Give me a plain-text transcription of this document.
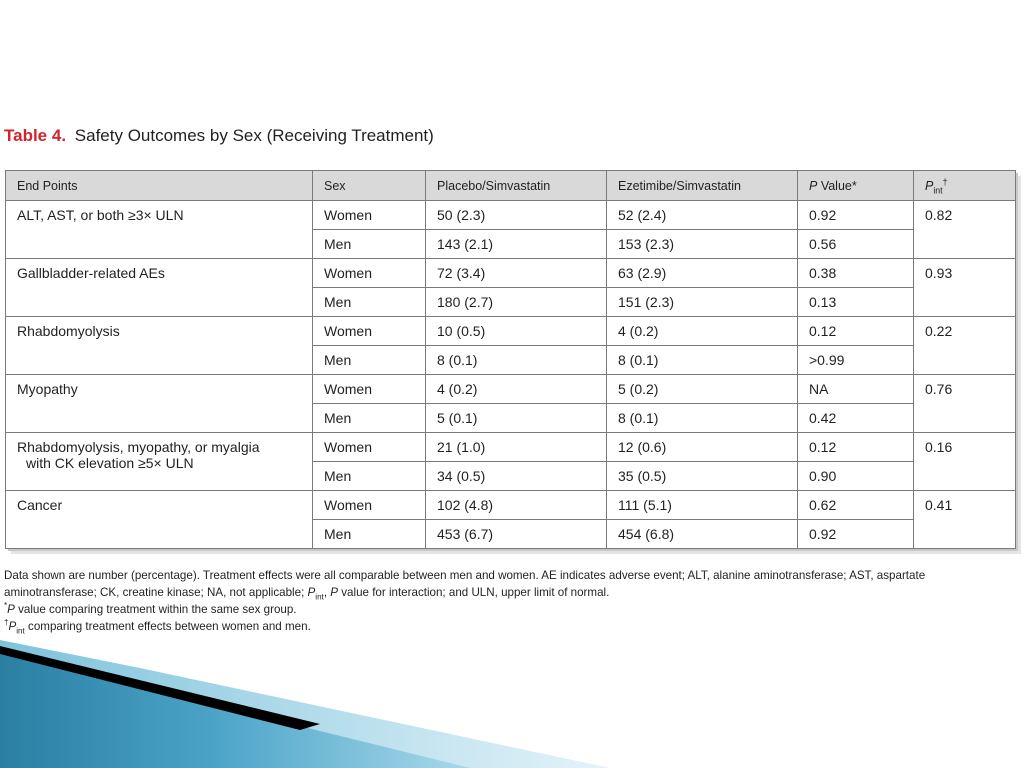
Table 4. Safety Outcomes by Sex (Receiving Treatment)
End Points	Sex	Placebo/Simvastatin	Ezetimibe/Simvastatin	P Value*	$P_{int}^\dagger$
ALT, AST, or both ≥3× ULN	Women	50 (2.3)	52 (2.4)	0.92	0.82
	Men	143 (2.1)	153 (2.3)	0.56	
Gallbladder-related AEs	Women	72 (3.4)	63 (2.9)	0.38	0.93
	Men	180 (2.7)	151 (2.3)	0.13	
Rhabdomyolysis	Women	10 (0.5)	4 (0.2)	0.12	0.22
	Men	8 (0.1)	8 (0.1)	>0.99	
Myopathy	Women	4 (0.2)	5 (0.2)	NA	0.76
	Men	5 (0.1)	8 (0.1)	0.42	
Rhabdomyolysis, myopathy, or myalgia
with CK elevation ≥5× ULN	Women	21 (1.0)	12 (0.6)	0.12	0.16
	Men	34 (0.5)	35 (0.5)	0.90	
Cancer	Women	102 (4.8)	111 (5.1)	0.62	0.41
	Men	453 (6.7)	454 (6.8)	0.92	

Data shown are number (percentage). Treatment effects were all comparable between men and women. AE indicates adverse event; ALT, alanine aminotransferase; AST, aspartate aminotransferase; CK, creatine kinase; NA, not applicable; $P_{int}$, P value for interaction; and ULN, upper limit of normal.

*P value comparing treatment within the same sex group.

$^\dagger P_{int}$ comparing treatment effects between women and men.
